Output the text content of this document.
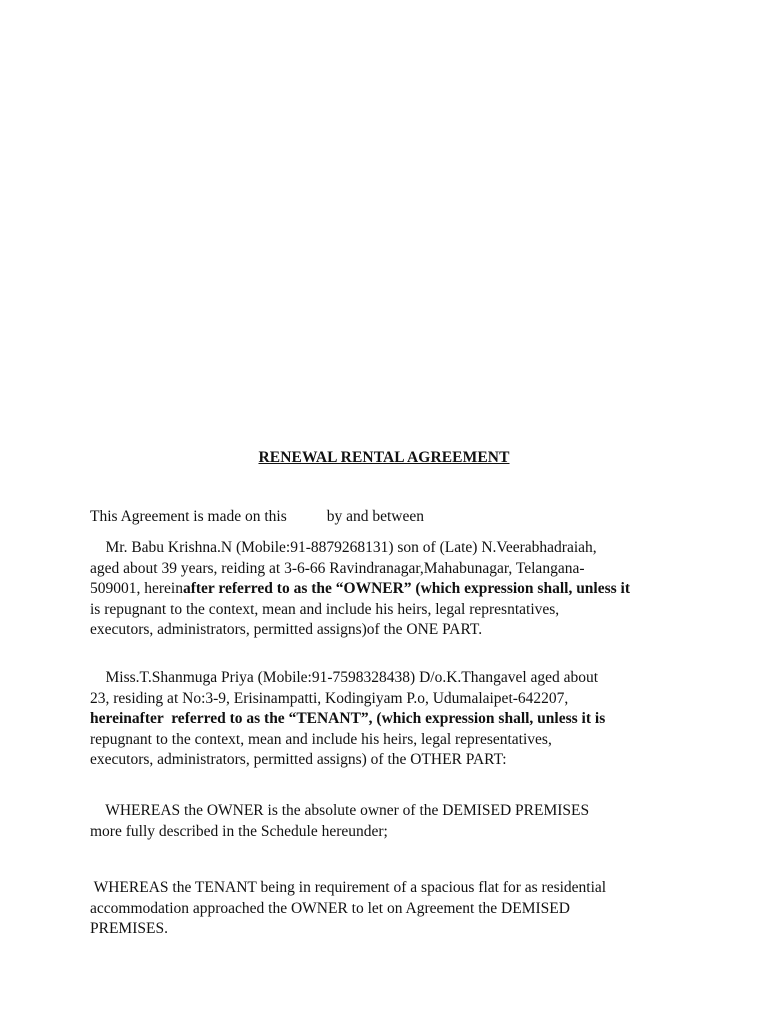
RENEWAL RENTAL AGREEMENT
This Agreement is made on this	by and between
Mr. Babu Krishna.N (Mobile:91-8879268131) son of (Late) N.Veerabhadraiah,
aged about 39 years, reiding at 3-6-66 Ravindranagar,Mahabunagar, Telangana-
509001, hereinafter referred to as the “OWNER” (which expression shall, unless it
is repugnant to the context, mean and include his heirs, legal represntatives,
executors, administrators, permitted assigns)of the ONE PART.
Miss.T.Shanmuga Priya (Mobile:91-7598328438) D/o.K.Thangavel aged about
23, residing at No:3-9, Erisinampatti, Kodingiyam P.o, Udumalaipet-642207,
hereinafter  referred to as the “TENANT”, (which expression shall, unless it is
repugnant to the context, mean and include his heirs, legal representatives,
executors, administrators, permitted assigns) of the OTHER PART:
WHEREAS the OWNER is the absolute owner of the DEMISED PREMISES
more fully described in the Schedule hereunder;
WHEREAS the TENANT being in requirement of a spacious flat for as residential
accommodation approached the OWNER to let on Agreement the DEMISED
PREMISES.
